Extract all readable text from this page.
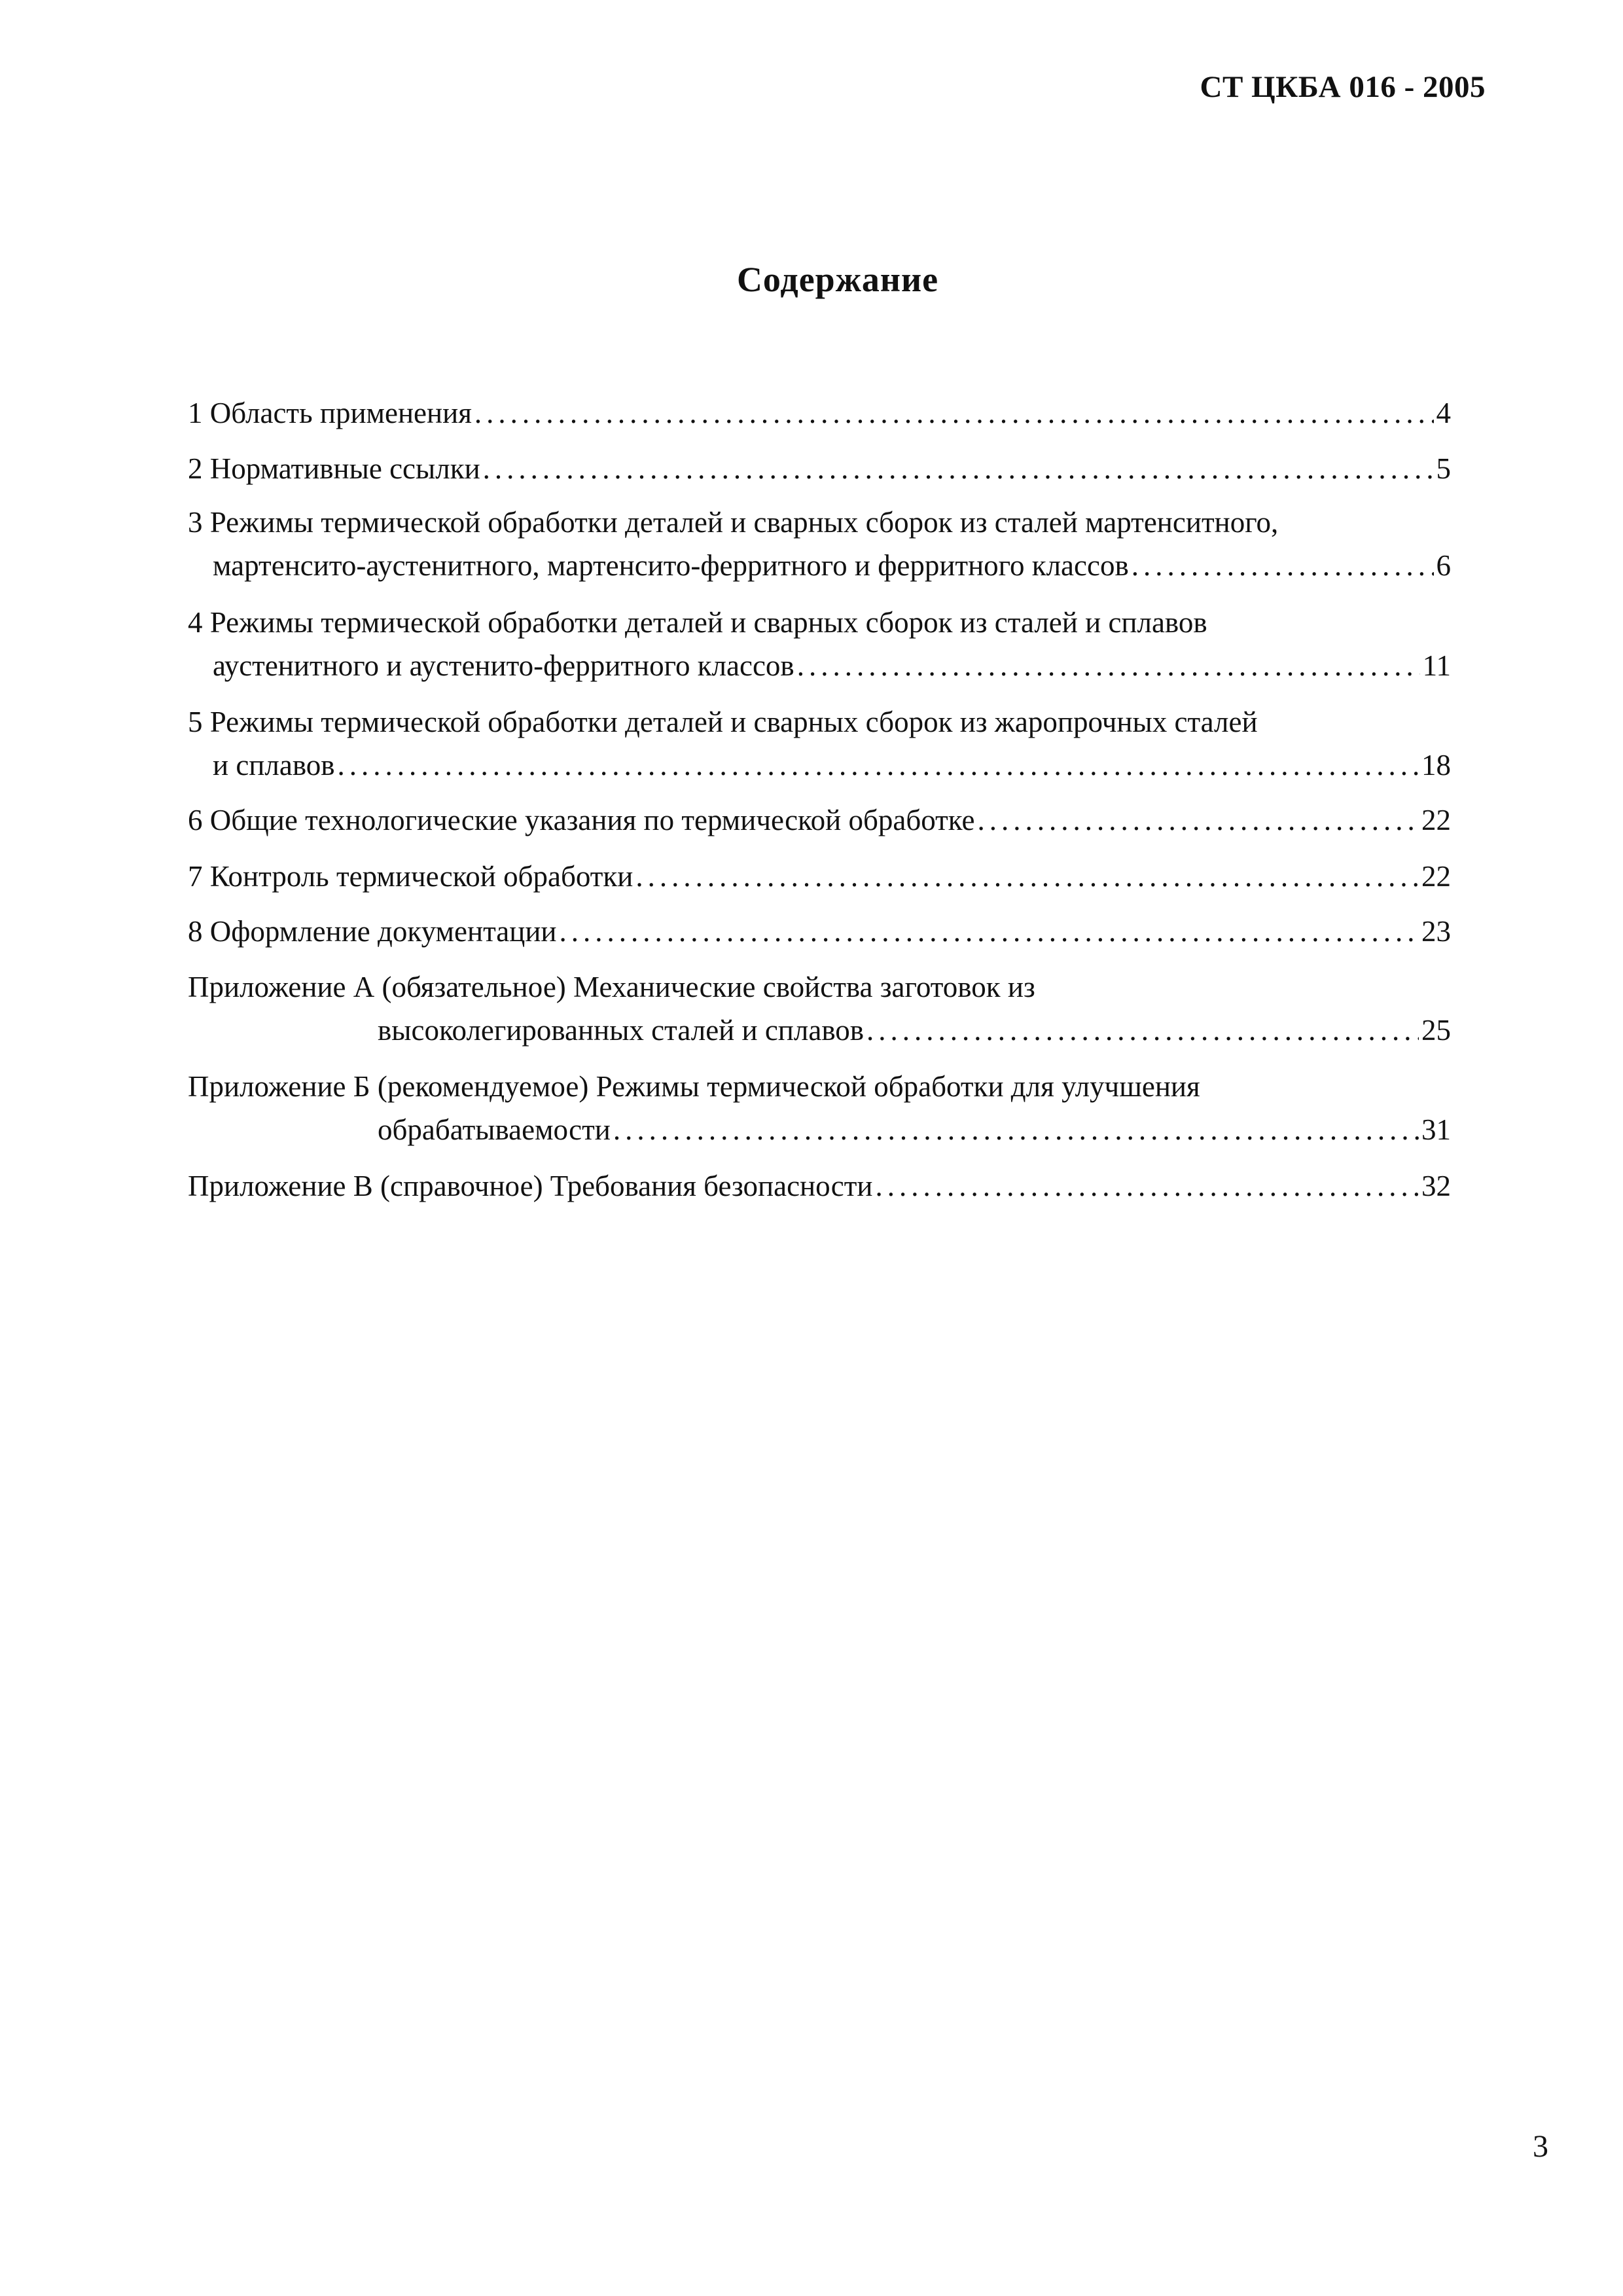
СТ ЦКБА 016 - 2005
Содержание
1 Область применения .....	4
2 Нормативные ссылки .....	5
3 Режимы термической обработки деталей и сварных сборок из сталей мартенситного,
мартенсито-аустенитного, мартенсито-ферритного и ферритного классов .....	6
4 Режимы термической обработки деталей и сварных сборок из сталей и сплавов
аустенитного и аустенито-ферритного классов .....	11
5 Режимы термической обработки деталей и сварных сборок из жаропрочных сталей
и сплавов .....	18
6 Общие технологические указания по термической обработке .....	22
7 Контроль термической обработки .....	22
8 Оформление документации .....	23
Приложение А (обязательное) Механические свойства заготовок из
высоколегированных сталей и сплавов .....	25
Приложение Б (рекомендуемое) Режимы термической обработки для улучшения
обрабатываемости .....	31
Приложение В (справочное) Требования безопасности .....	32
3
